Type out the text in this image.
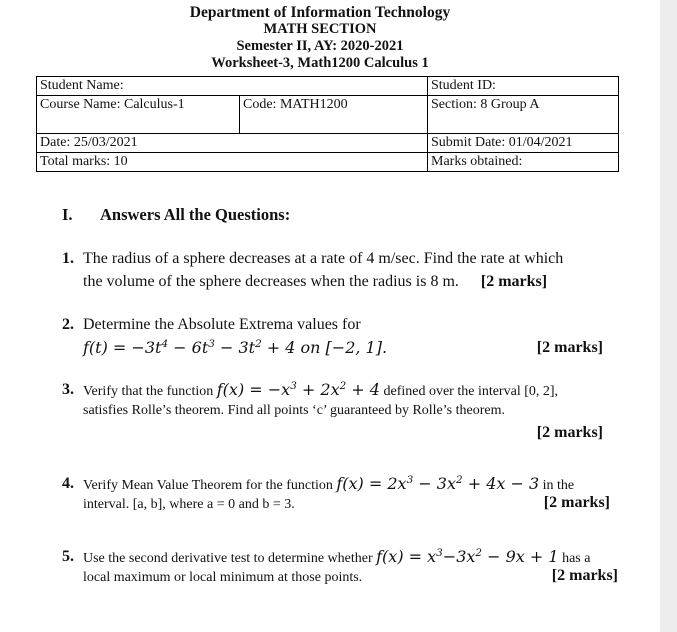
Department of Information Technology
MATH SECTION
Semester II, AY: 2020-2021
Worksheet-3, Math1200 Calculus 1
Student Name:		Student ID:
Course Name: Calculus-1	Code: MATH1200	Section: 8 Group A
Date: 25/03/2021		Submit Date: 01/04/2021
Total marks: 10		Marks obtained:
I. Answers All the Questions:
1. The radius of a sphere decreases at a rate of 4 m/sec. Find the rate at which
the volume of the sphere decreases when the radius is 8 m. [2 marks]
2. Determine the Absolute Extrema values for
$f(t) = -3t^4 - 6t^3 - 3t^2 + 4$ on [−2, 1].	[2 marks]
3. Verify that the function $f(x) = -x^3 + 2x^2 + 4$ defined over the interval [0, 2],
satisfies Rolle’s theorem. Find all points ‘c’ guaranteed by Rolle’s theorem.
[2 marks]
4. Verify Mean Value Theorem for the function $f(x) = 2x^3 - 3x^2 + 4x - 3$ in the
interval. [a, b], where a = 0 and b = 3.	[2 marks]
5. Use the second derivative test to determine whether $f(x) = x^3-3x^2 - 9x + 1$ has a
local maximum or local minimum at those points.	[2 marks]
